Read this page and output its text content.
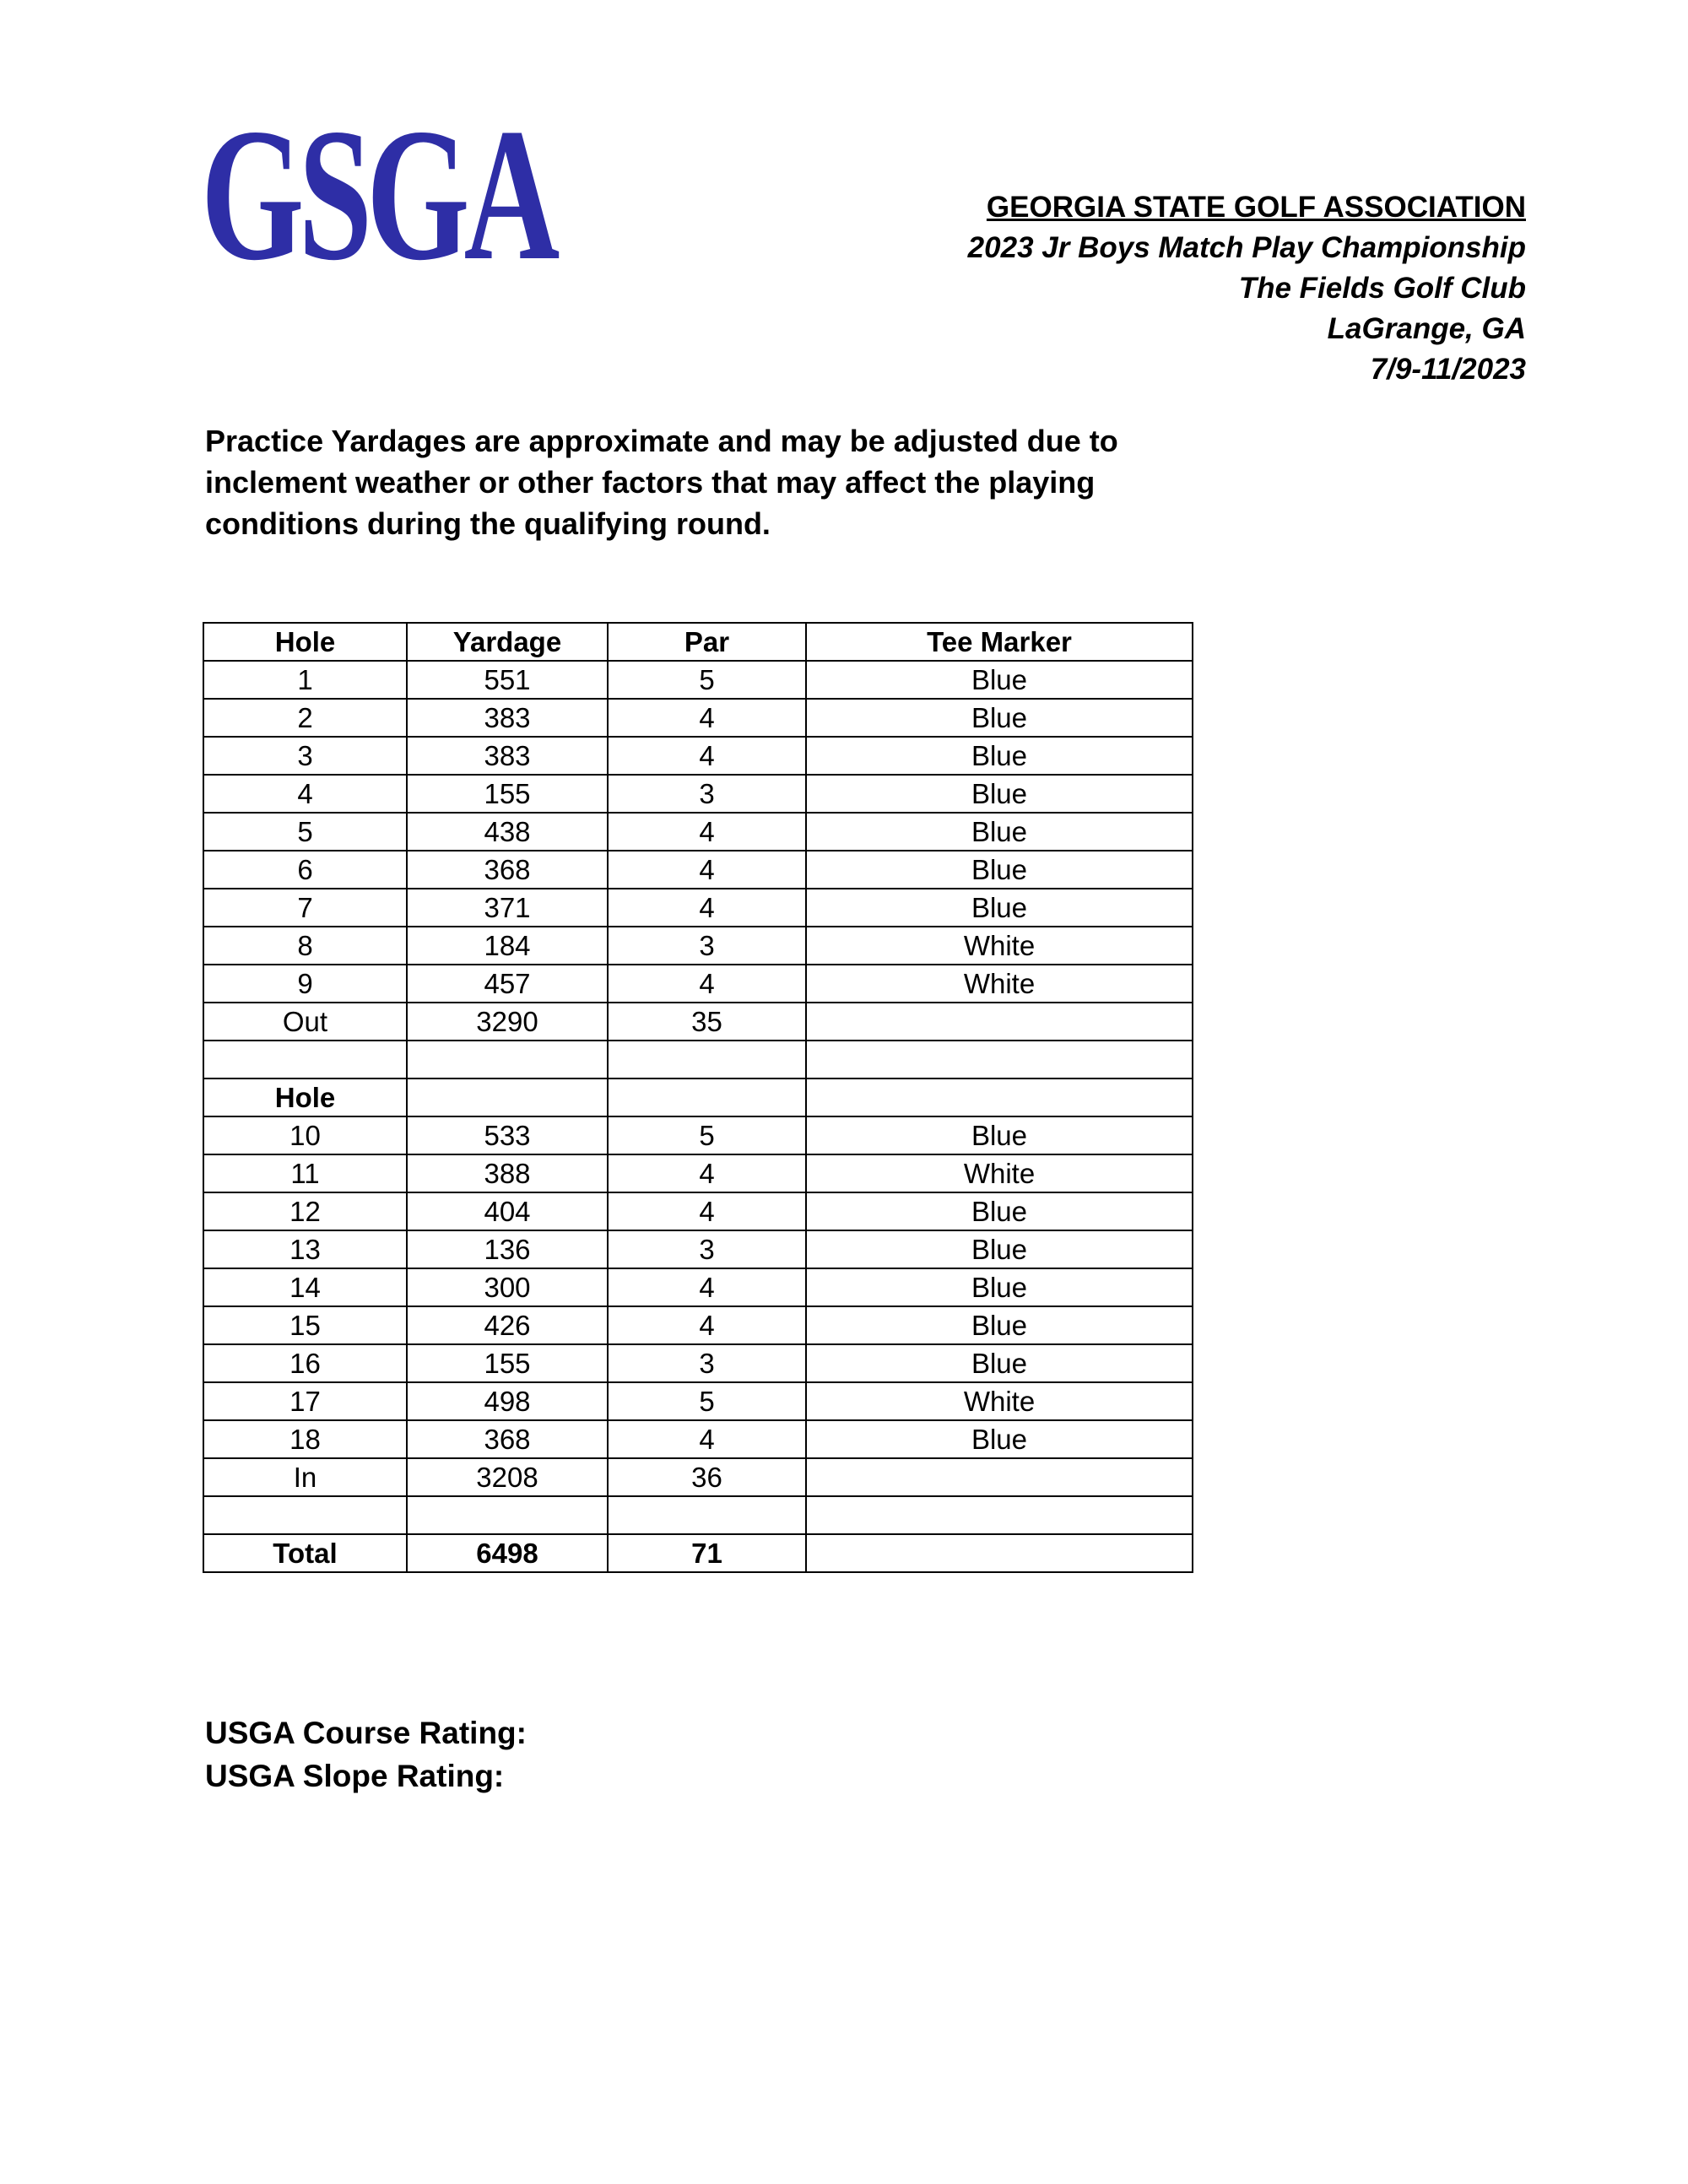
GSGA	GEORGIA STATE GOLF ASSOCIATION
2023 Jr Boys Match Play Championship
The Fields Golf Club
LaGrange, GA
7/9-11/2023

Practice Yardages are approximate and may be adjusted due to inclement weather or other factors that may affect the playing conditions during the qualifying round.

Hole	Yardage	Par	Tee Marker
1	551	5	Blue
2	383	4	Blue
3	383	4	Blue
4	155	3	Blue
5	438	4	Blue
6	368	4	Blue
7	371	4	Blue
8	184	3	White
9	457	4	White
Out	3290	35	

Hole			
10	533	5	Blue
11	388	4	White
12	404	4	Blue
13	136	3	Blue
14	300	4	Blue
15	426	4	Blue
16	155	3	Blue
17	498	5	White
18	368	4	Blue
In	3208	36	

Total	6498	71	
USGA Course Rating:
USGA Slope Rating:
